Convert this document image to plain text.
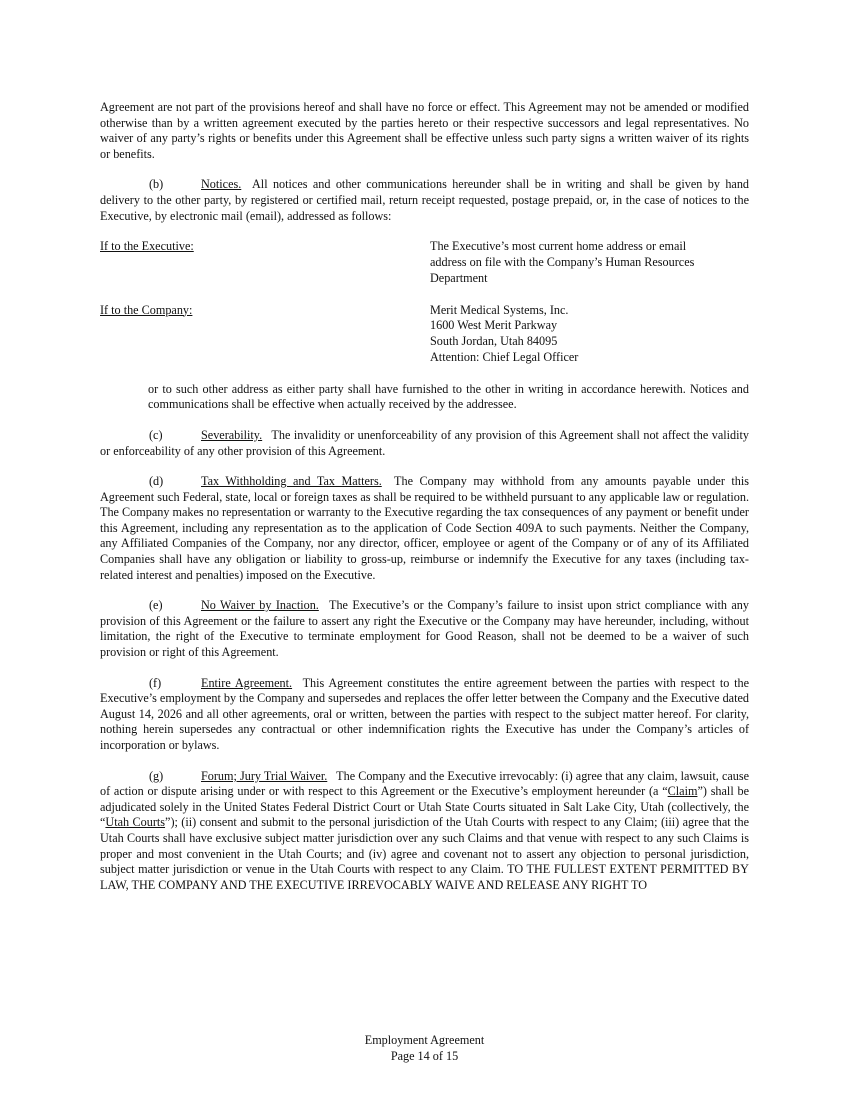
Agreement are not part of the provisions hereof and shall have no force or effect. This Agreement may not be amended or modified otherwise than by a written agreement executed by the parties hereto or their respective successors and legal representatives. No waiver of any party’s rights or benefits under this Agreement shall be effective unless such party signs a written waiver of its rights or benefits.

(b)	Notices. All notices and other communications hereunder shall be in writing and shall be given by hand delivery to the other party, by registered or certified mail, return receipt requested, postage prepaid, or, in the case of notices to the Executive, by electronic mail (email), addressed as follows:

If to the Executive:	The Executive’s most current home address or email
address on file with the Company’s Human Resources
Department
If to the Company:	Merit Medical Systems, Inc.
1600 West Merit Parkway
South Jordan, Utah 84095
Attention: Chief Legal Officer

or to such other address as either party shall have furnished to the other in writing in accordance herewith. Notices and communications shall be effective when actually received by the addressee.

(c)	Severability. The invalidity or unenforceability of any provision of this Agreement shall not affect the validity or enforceability of any other provision of this Agreement.

(d)	Tax Withholding and Tax Matters. The Company may withhold from any amounts payable under this Agreement such Federal, state, local or foreign taxes as shall be required to be withheld pursuant to any applicable law or regulation. The Company makes no representation or warranty to the Executive regarding the tax consequences of any payment or benefit under this Agreement, including any representation as to the application of Code Section 409A to such payments. Neither the Company, any Affiliated Companies of the Company, nor any director, officer, employee or agent of the Company or of any of its Affiliated Companies shall have any obligation or liability to gross-up, reimburse or indemnify the Executive for any taxes (including tax-related interest and penalties) imposed on the Executive.

(e)	No Waiver by Inaction. The Executive’s or the Company’s failure to insist upon strict compliance with any provision of this Agreement or the failure to assert any right the Executive or the Company may have hereunder, including, without limitation, the right of the Executive to terminate employment for Good Reason, shall not be deemed to be a waiver of such provision or right of this Agreement.

(f)	Entire Agreement. This Agreement constitutes the entire agreement between the parties with respect to the Executive’s employment by the Company and supersedes and replaces the offer letter between the Company and the Executive dated August 14, 2026 and all other agreements, oral or written, between the parties with respect to the subject matter hereof. For clarity, nothing herein supersedes any contractual or other indemnification rights the Executive has under the Company’s articles of incorporation or bylaws.

(g)	Forum; Jury Trial Waiver. The Company and the Executive irrevocably: (i) agree that any claim, lawsuit, cause of action or dispute arising under or with respect to this Agreement or the Executive’s employment hereunder (a “Claim”) shall be adjudicated solely in the United States Federal District Court or Utah State Courts situated in Salt Lake City, Utah (collectively, the “Utah Courts”); (ii) consent and submit to the personal jurisdiction of the Utah Courts with respect to any Claim; (iii) agree that the Utah Courts shall have exclusive subject matter jurisdiction over any such Claims and that venue with respect to any such Claims is proper and most convenient in the Utah Courts; and (iv) agree and covenant not to assert any objection to personal jurisdiction, subject matter jurisdiction or venue in the Utah Courts with respect to any Claim. TO THE FULLEST EXTENT PERMITTED BY LAW, THE COMPANY AND THE EXECUTIVE IRREVOCABLY WAIVE AND RELEASE ANY RIGHT TO

Employment Agreement
Page 14 of 15
